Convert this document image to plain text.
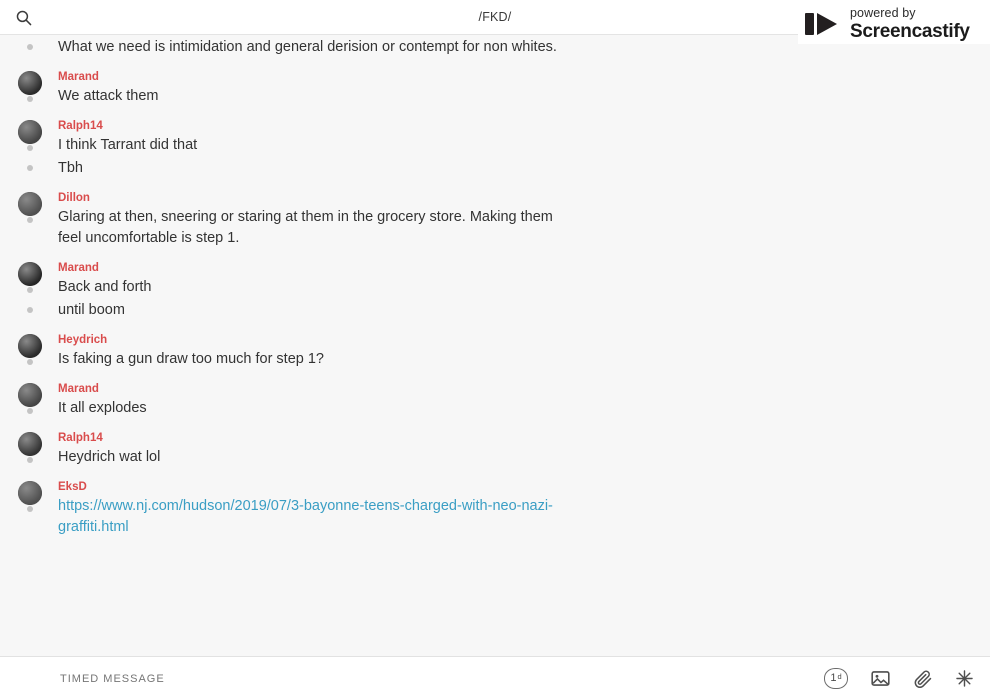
/FKD/	powered by
Screencastify
What we need is intimidation and general derision or contempt for non whites.
Marand
We attack them
Ralph14
I think Tarrant did that
Tbh
Dillon
Glaring at then, sneering or staring at them in the grocery store. Making them feel uncomfortable is step 1.
Marand
Back and forth
until boom
Heydrich
Is faking a gun draw too much for step 1?
Marand
It all explodes
Ralph14
Heydrich wat lol
EksD
https://www.nj.com/hudson/2019/07/3-bayonne-teens-charged-with-neo-nazi-graffiti.html
TIMED MESSAGE
1$^d$
